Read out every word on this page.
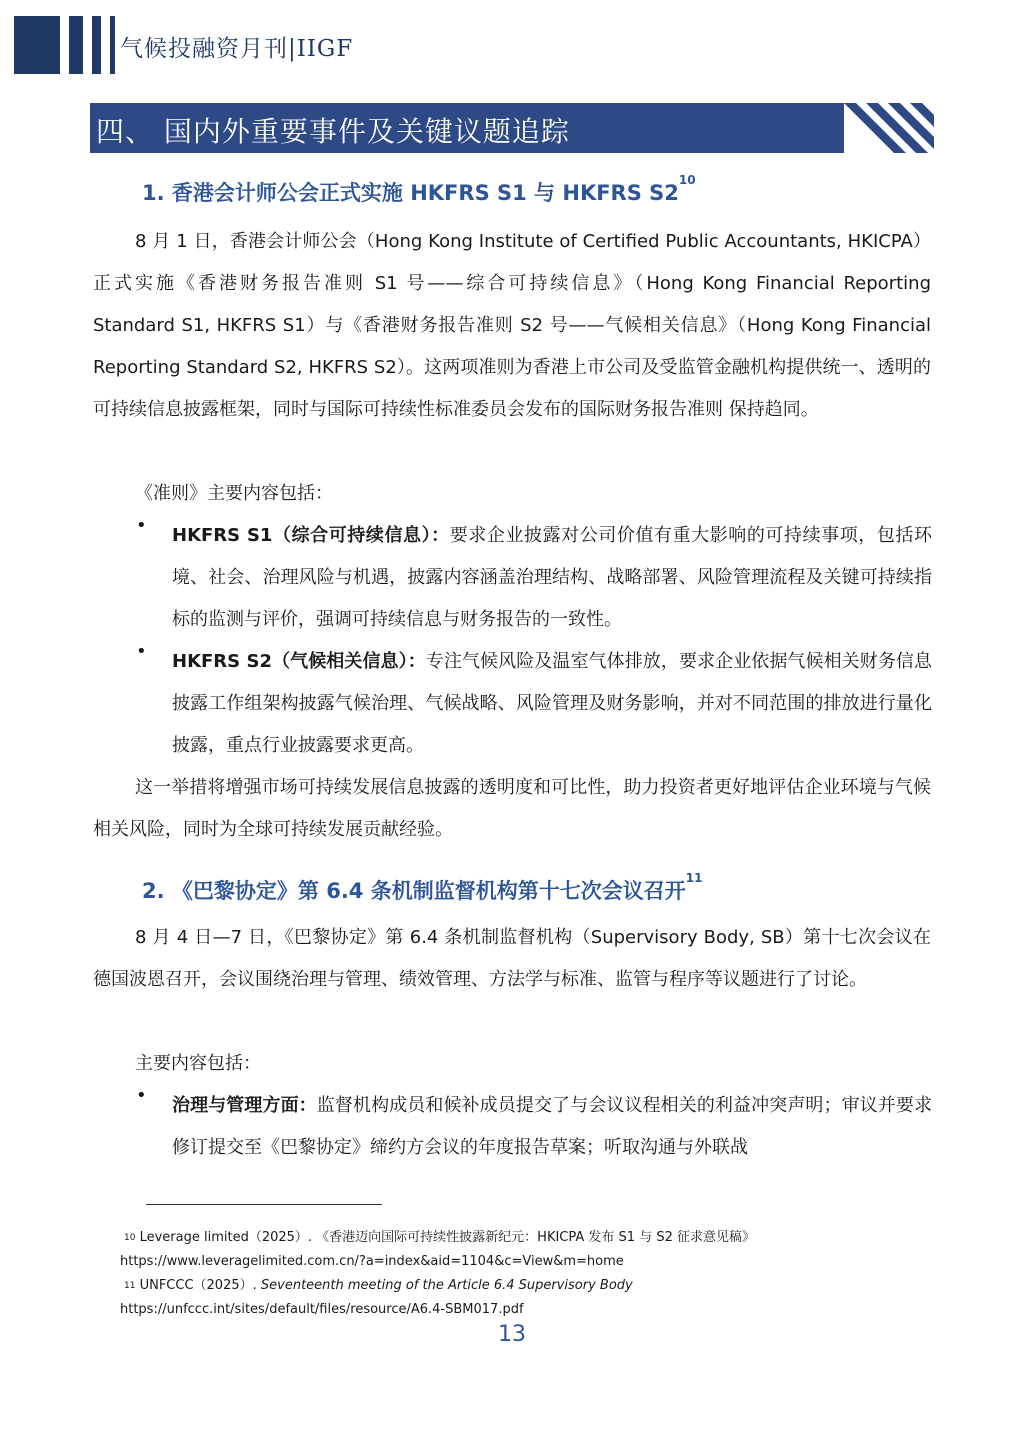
气候投融资月刊|IIGF
四、 国内外重要事件及关键议题追踪
1. 香港会计师公会正式实施 HKFRS S1 与 HKFRS $S2^{10}$
8 月 1 日，香港会计师公会（Hong Kong Institute of Certified Public Accountants, HKICPA）正式实施《香港财务报告准则 S1 号——综合可持续信息》（Hong Kong Financial Reporting Standard S1, HKFRS S1）与《香港财务报告准则 S2 号——气候相关信息》（Hong Kong Financial Reporting Standard S2, HKFRS S2）。这两项准则为香港上市公司及受监管金融机构提供统一、透明的可持续信息披露框架，同时与国际可持续性标准委员会发布的国际财务报告准则 保持趋同。
《准则》主要内容包括：
• HKFRS S1（综合可持续信息）：要求企业披露对公司价值有重大影响的可持续事项，包括环境、社会、治理风险与机遇，披露内容涵盖治理结构、战略部署、风险管理流程及关键可持续指标的监测与评价，强调可持续信息与财务报告的一致性。
• HKFRS S2（气候相关信息）：专注气候风险及温室气体排放，要求企业依据气候相关财务信息披露工作组架构披露气候治理、气候战略、风险管理及财务影响，并对不同范围的排放进行量化披露，重点行业披露要求更高。
这一举措将增强市场可持续发展信息披露的透明度和可比性，助力投资者更好地评估企业环境与气候相关风险，同时为全球可持续发展贡献经验。
2. 《巴黎协定》第 6.4 条机制监督机构第十七次会议召开$^{11}$
8 月 4 日—7 日，《巴黎协定》第 6.4 条机制监督机构（Supervisory Body, SB）第十七次会议在德国波恩召开，会议围绕治理与管理、绩效管理、方法学与标准、监管与程序等议题进行了讨论。
主要内容包括：
• 治理与管理方面：监督机构成员和候补成员提交了与会议议程相关的利益冲突声明；审议并要求修订提交至《巴黎协定》缔约方会议的年度报告草案；听取沟通与外联战
$^{10}$ Leverage limited（2025）. 《香港迈向国际可持续性披露新纪元：HKICPA 发布 S1 与 S2 征求意见稿》
https://www.leveragelimited.com.cn/?a=index&aid=1104&c=View&m=home
$^{11}$ UNFCCC（2025）. Seventeenth meeting of the Article 6.4 Supervisory Body
https://unfccc.int/sites/default/files/resource/A6.4-SBM017.pdf
13
